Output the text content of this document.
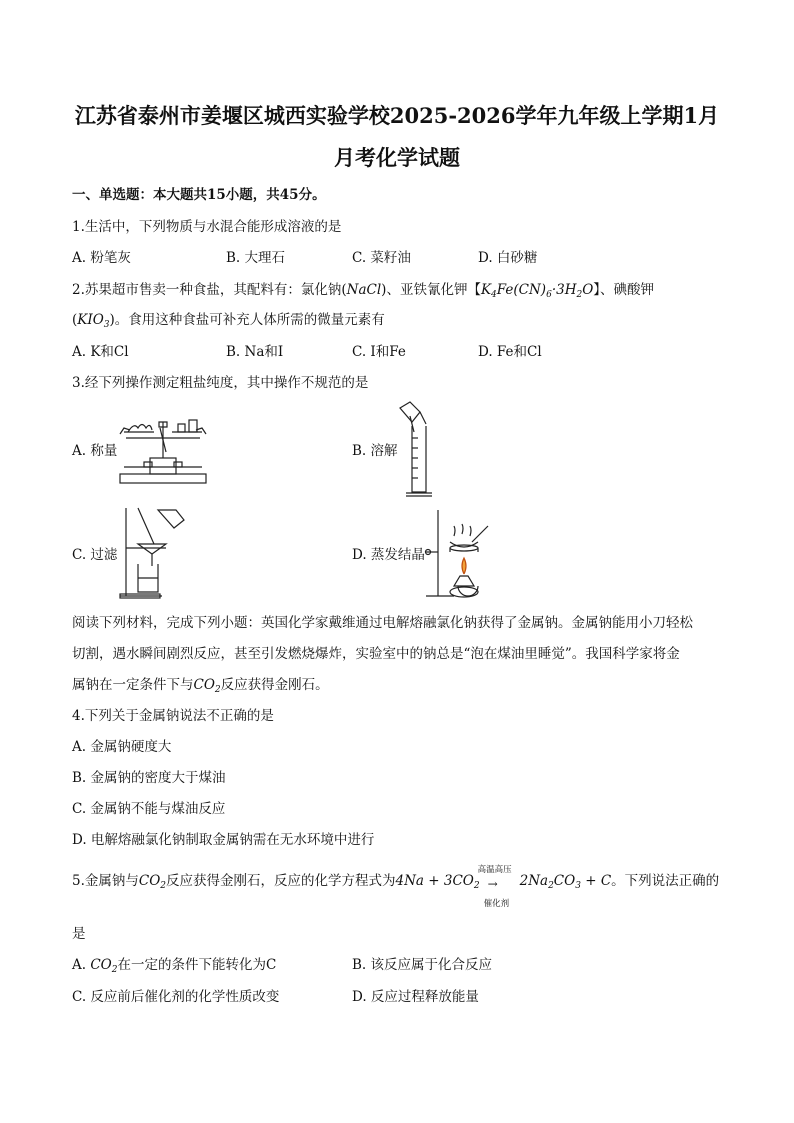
江苏省泰州市姜堰区城西实验学校2025-2026学年九年级上学期1月
月考化学试题
一、单选题：本大题共15小题，共45分。
1.生活中，下列物质与水混合能形成溶液的是
A. 粉笔灰	B. 大理石	C. 菜籽油	D. 白砂糖
2.苏果超市售卖一种食盐，其配料有：氯化钠(NaCl)、亚铁氰化钾【$K_4Fe(CN)_6\cdot 3H_2O$】、碘酸钾
$(KIO_3)$。食用这种食盐可补充人体所需的微量元素有
A. K和Cl	B. Na和I	C. I和Fe	D. Fe和Cl
3.经下列操作测定粗盐纯度，其中操作不规范的是
A. 称量	B. 溶解
C. 过滤	D. 蒸发结晶
阅读下列材料，完成下列小题：英国化学家戴维通过电解熔融氯化钠获得了金属钠。金属钠能用小刀轻松
切割，遇水瞬间剧烈反应，甚至引发燃烧爆炸，实验室中的钠总是“泡在煤油里睡觉”。我国科学家将金
属钠在一定条件下与$CO_2$反应获得金刚石。
4.下列关于金属钠说法不正确的是
A. 金属钠硬度大
B. 金属钠的密度大于煤油
C. 金属钠不能与煤油反应
D. 电解熔融氯化钠制取金属钠需在无水环境中进行
5.金属钠与$CO_2$反应获得金刚石，反应的化学方程式为$4Na + 3CO_2$
高温高压
→
催化剂
$2Na_2CO_3 + C$。下列说法正确的
是
A. $CO_2$在一定的条件下能转化为C	B. 该反应属于化合反应
C. 反应前后催化剂的化学性质改变	D. 反应过程释放能量
